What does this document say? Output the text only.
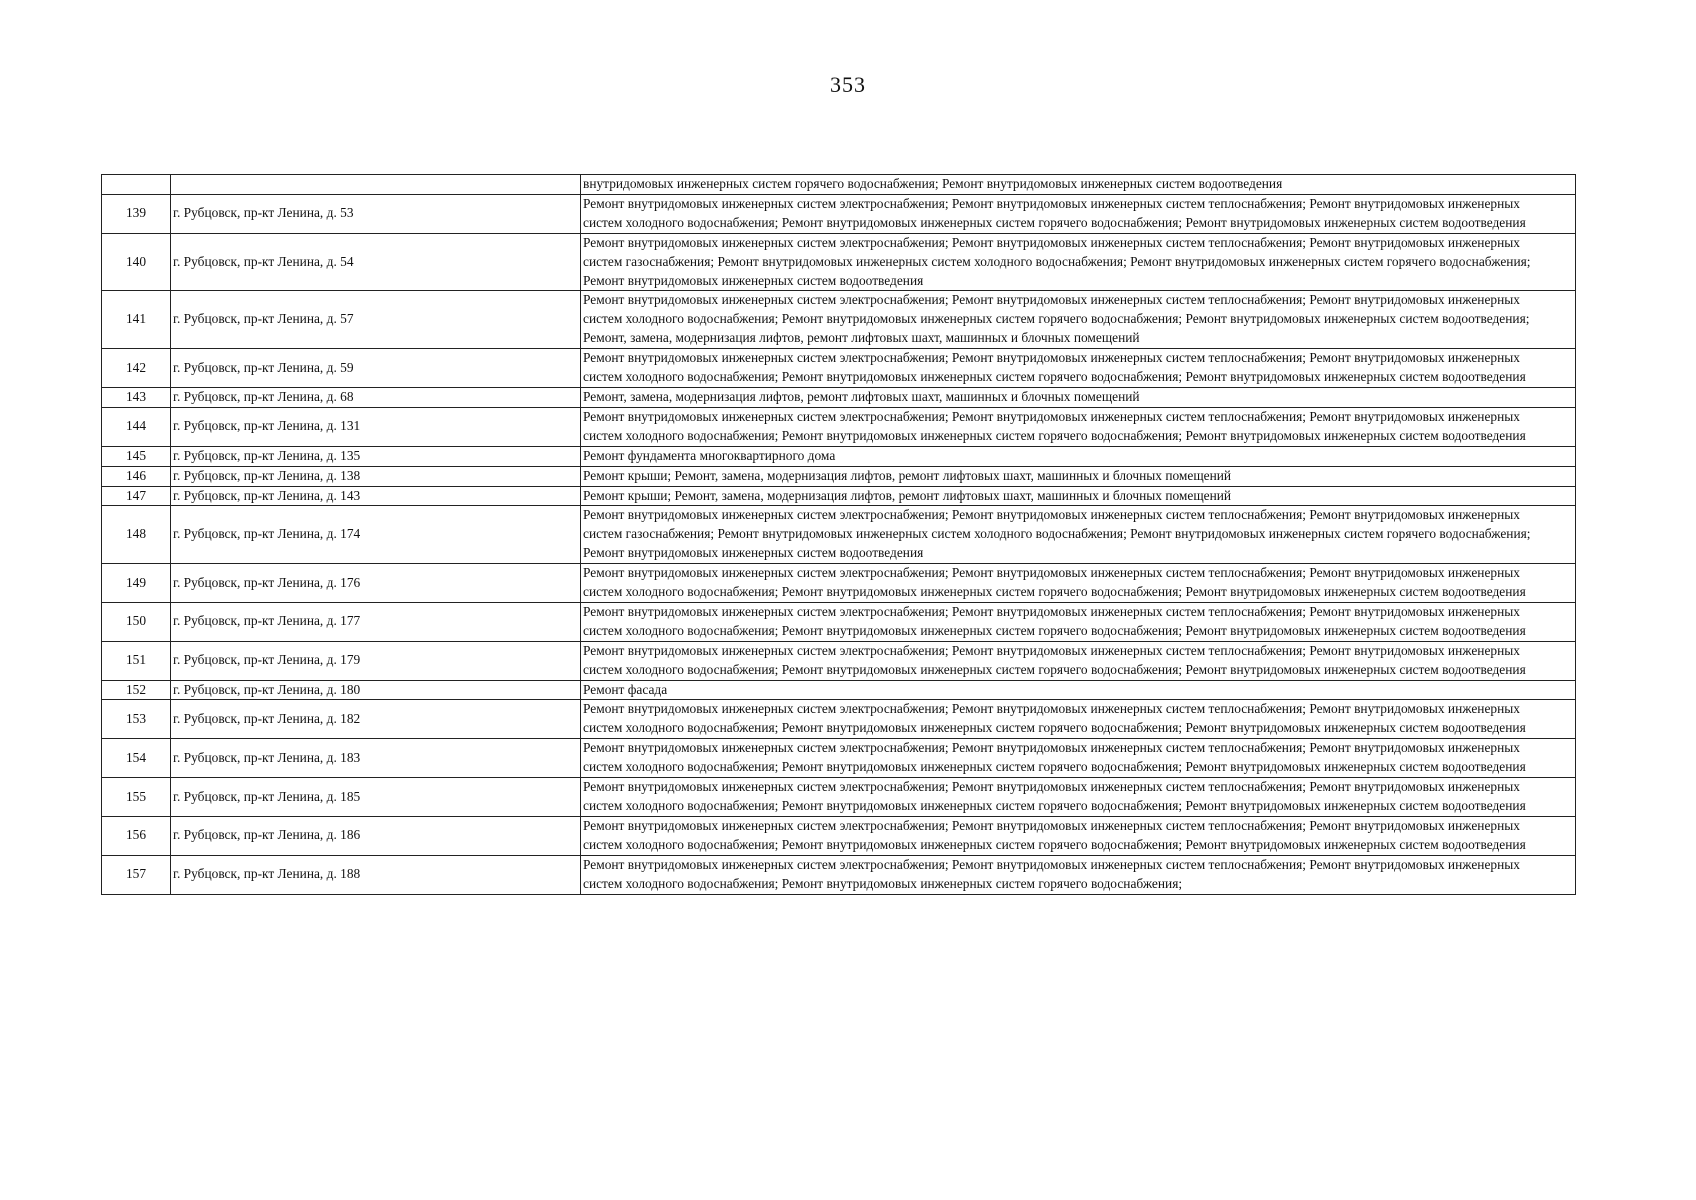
353
		внутридомовых инженерных систем горячего водоснабжения; Ремонт внутридомовых инженерных систем водоотведения
139	г. Рубцовск, пр-кт Ленина, д. 53	Ремонт внутридомовых инженерных систем электроснабжения; Ремонт внутридомовых инженерных систем теплоснабжения; Ремонт внутридомовых инженерных систем холодного водоснабжения; Ремонт внутридомовых инженерных систем горячего водоснабжения; Ремонт внутридомовых инженерных систем водоотведения
140	г. Рубцовск, пр-кт Ленина, д. 54	Ремонт внутридомовых инженерных систем электроснабжения; Ремонт внутридомовых инженерных систем теплоснабжения; Ремонт внутридомовых инженерных систем газоснабжения; Ремонт внутридомовых инженерных систем холодного водоснабжения; Ремонт внутридомовых инженерных систем горячего водоснабжения; Ремонт внутридомовых инженерных систем водоотведения
141	г. Рубцовск, пр-кт Ленина, д. 57	Ремонт внутридомовых инженерных систем электроснабжения; Ремонт внутридомовых инженерных систем теплоснабжения; Ремонт внутридомовых инженерных систем холодного водоснабжения; Ремонт внутридомовых инженерных систем горячего водоснабжения; Ремонт внутридомовых инженерных систем водоотведения; Ремонт, замена, модернизация лифтов, ремонт лифтовых шахт, машинных и блочных помещений
142	г. Рубцовск, пр-кт Ленина, д. 59	Ремонт внутридомовых инженерных систем электроснабжения; Ремонт внутридомовых инженерных систем теплоснабжения; Ремонт внутридомовых инженерных систем холодного водоснабжения; Ремонт внутридомовых инженерных систем горячего водоснабжения; Ремонт внутридомовых инженерных систем водоотведения
143	г. Рубцовск, пр-кт Ленина, д. 68	Ремонт, замена, модернизация лифтов, ремонт лифтовых шахт, машинных и блочных помещений
144	г. Рубцовск, пр-кт Ленина, д. 131	Ремонт внутридомовых инженерных систем электроснабжения; Ремонт внутридомовых инженерных систем теплоснабжения; Ремонт внутридомовых инженерных систем холодного водоснабжения; Ремонт внутридомовых инженерных систем горячего водоснабжения; Ремонт внутридомовых инженерных систем водоотведения
145	г. Рубцовск, пр-кт Ленина, д. 135	Ремонт фундамента многоквартирного дома
146	г. Рубцовск, пр-кт Ленина, д. 138	Ремонт крыши; Ремонт, замена, модернизация лифтов, ремонт лифтовых шахт, машинных и блочных помещений
147	г. Рубцовск, пр-кт Ленина, д. 143	Ремонт крыши; Ремонт, замена, модернизация лифтов, ремонт лифтовых шахт, машинных и блочных помещений
148	г. Рубцовск, пр-кт Ленина, д. 174	Ремонт внутридомовых инженерных систем электроснабжения; Ремонт внутридомовых инженерных систем теплоснабжения; Ремонт внутридомовых инженерных систем газоснабжения; Ремонт внутридомовых инженерных систем холодного водоснабжения; Ремонт внутридомовых инженерных систем горячего водоснабжения; Ремонт внутридомовых инженерных систем водоотведения
149	г. Рубцовск, пр-кт Ленина, д. 176	Ремонт внутридомовых инженерных систем электроснабжения; Ремонт внутридомовых инженерных систем теплоснабжения; Ремонт внутридомовых инженерных систем холодного водоснабжения; Ремонт внутридомовых инженерных систем горячего водоснабжения; Ремонт внутридомовых инженерных систем водоотведения
150	г. Рубцовск, пр-кт Ленина, д. 177	Ремонт внутридомовых инженерных систем электроснабжения; Ремонт внутридомовых инженерных систем теплоснабжения; Ремонт внутридомовых инженерных систем холодного водоснабжения; Ремонт внутридомовых инженерных систем горячего водоснабжения; Ремонт внутридомовых инженерных систем водоотведения
151	г. Рубцовск, пр-кт Ленина, д. 179	Ремонт внутридомовых инженерных систем электроснабжения; Ремонт внутридомовых инженерных систем теплоснабжения; Ремонт внутридомовых инженерных систем холодного водоснабжения; Ремонт внутридомовых инженерных систем горячего водоснабжения; Ремонт внутридомовых инженерных систем водоотведения
152	г. Рубцовск, пр-кт Ленина, д. 180	Ремонт фасада
153	г. Рубцовск, пр-кт Ленина, д. 182	Ремонт внутридомовых инженерных систем электроснабжения; Ремонт внутридомовых инженерных систем теплоснабжения; Ремонт внутридомовых инженерных систем холодного водоснабжения; Ремонт внутридомовых инженерных систем горячего водоснабжения; Ремонт внутридомовых инженерных систем водоотведения
154	г. Рубцовск, пр-кт Ленина, д. 183	Ремонт внутридомовых инженерных систем электроснабжения; Ремонт внутридомовых инженерных систем теплоснабжения; Ремонт внутридомовых инженерных систем холодного водоснабжения; Ремонт внутридомовых инженерных систем горячего водоснабжения; Ремонт внутридомовых инженерных систем водоотведения
155	г. Рубцовск, пр-кт Ленина, д. 185	Ремонт внутридомовых инженерных систем электроснабжения; Ремонт внутридомовых инженерных систем теплоснабжения; Ремонт внутридомовых инженерных систем холодного водоснабжения; Ремонт внутридомовых инженерных систем горячего водоснабжения; Ремонт внутридомовых инженерных систем водоотведения
156	г. Рубцовск, пр-кт Ленина, д. 186	Ремонт внутридомовых инженерных систем электроснабжения; Ремонт внутридомовых инженерных систем теплоснабжения; Ремонт внутридомовых инженерных систем холодного водоснабжения; Ремонт внутридомовых инженерных систем горячего водоснабжения; Ремонт внутридомовых инженерных систем водоотведения
157	г. Рубцовск, пр-кт Ленина, д. 188	Ремонт внутридомовых инженерных систем электроснабжения; Ремонт внутридомовых инженерных систем теплоснабжения; Ремонт внутридомовых инженерных систем холодного водоснабжения; Ремонт внутридомовых инженерных систем горячего водоснабжения;
